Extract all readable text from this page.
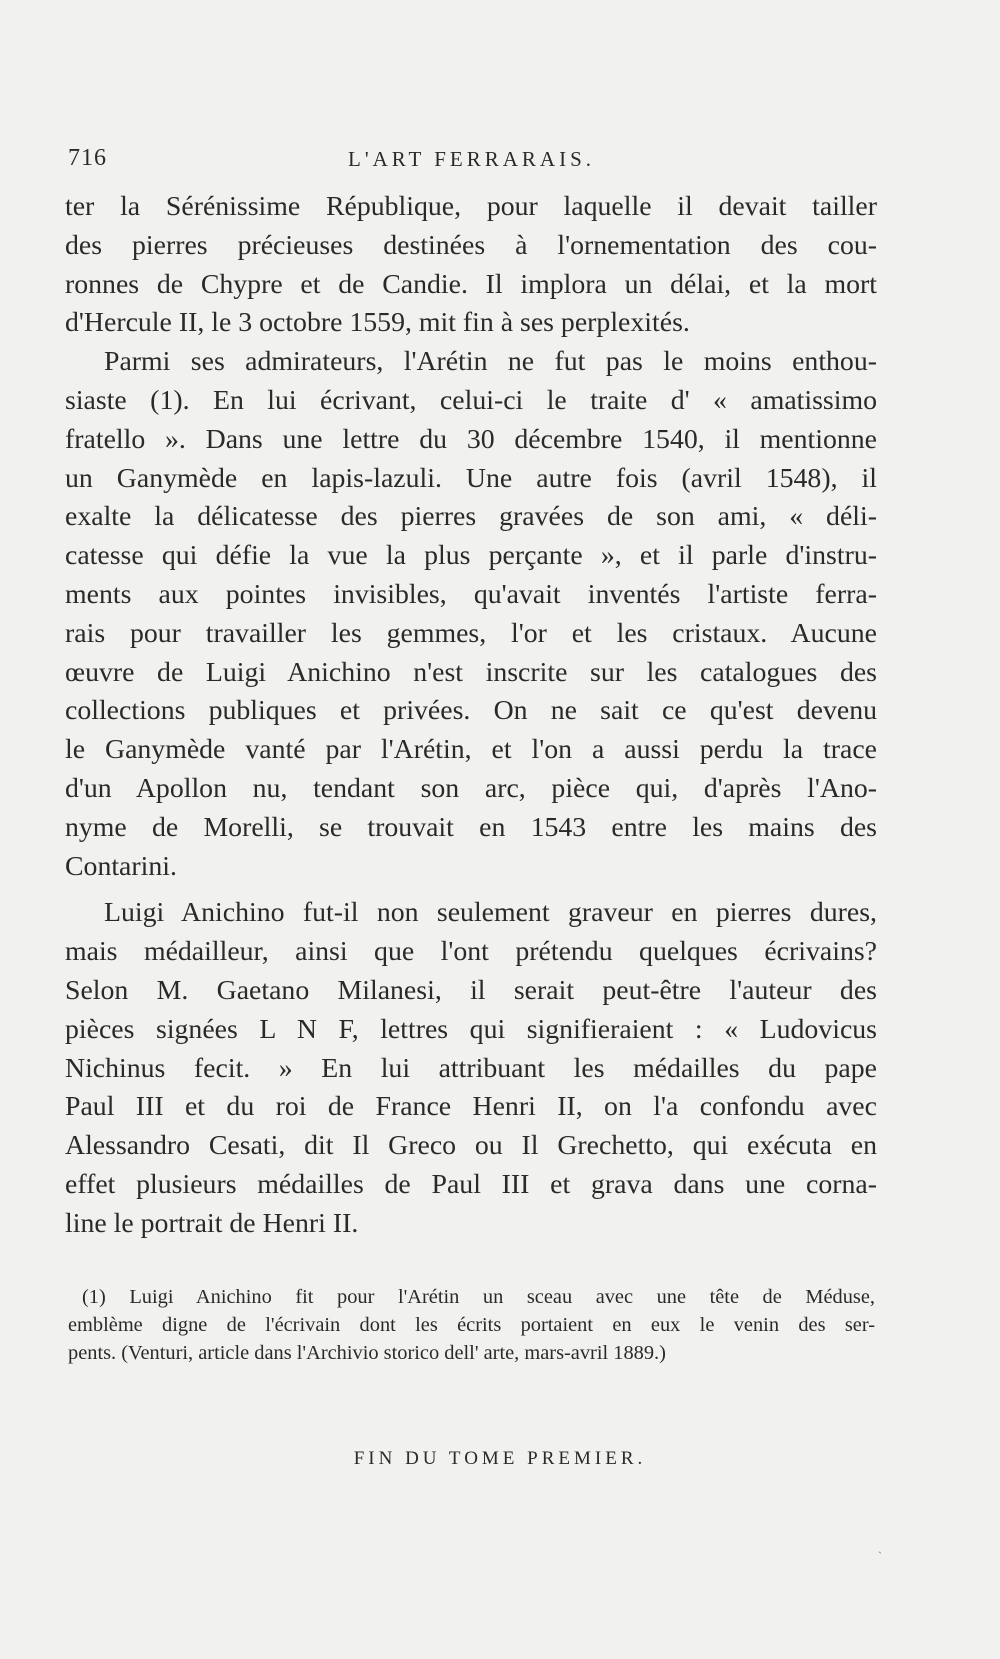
716	L'ART FERRARAIS.
ter la Sérénissime République, pour laquelle il devait tailler
des pierres précieuses destinées à l'ornementation des cou-
ronnes de Chypre et de Candie. Il implora un délai, et la mort
d'Hercule II, le 3 octobre 1559, mit fin à ses perplexités.
Parmi ses admirateurs, l'Arétin ne fut pas le moins enthou-
siaste (1). En lui écrivant, celui-ci le traite d' « amatissimo
fratello ». Dans une lettre du 30 décembre 1540, il mentionne
un Ganymède en lapis-lazuli. Une autre fois (avril 1548), il
exalte la délicatesse des pierres gravées de son ami, « déli-
catesse qui défie la vue la plus perçante », et il parle d'instru-
ments aux pointes invisibles, qu'avait inventés l'artiste ferra-
rais pour travailler les gemmes, l'or et les cristaux. Aucune
œuvre de Luigi Anichino n'est inscrite sur les catalogues des
collections publiques et privées. On ne sait ce qu'est devenu
le Ganymède vanté par l'Arétin, et l'on a aussi perdu la trace
d'un Apollon nu, tendant son arc, pièce qui, d'après l'Ano-
nyme de Morelli, se trouvait en 1543 entre les mains des
Contarini.
Luigi Anichino fut-il non seulement graveur en pierres dures,
mais médailleur, ainsi que l'ont prétendu quelques écrivains?
Selon M. Gaetano Milanesi, il serait peut-être l'auteur des
pièces signées L N F, lettres qui signifieraient : « Ludovicus
Nichinus fecit. » En lui attribuant les médailles du pape
Paul III et du roi de France Henri II, on l'a confondu avec
Alessandro Cesati, dit Il Greco ou Il Grechetto, qui exécuta en
effet plusieurs médailles de Paul III et grava dans une corna-
line le portrait de Henri II.
(1) Luigi Anichino fit pour l'Arétin un sceau avec une tête de Méduse,
emblème digne de l'écrivain dont les écrits portaient en eux le venin des ser-
pents. (Venturi, article dans l'Archivio storico dell' arte, mars-avril 1889.)
FIN DU TOME PREMIER.
ˏ
